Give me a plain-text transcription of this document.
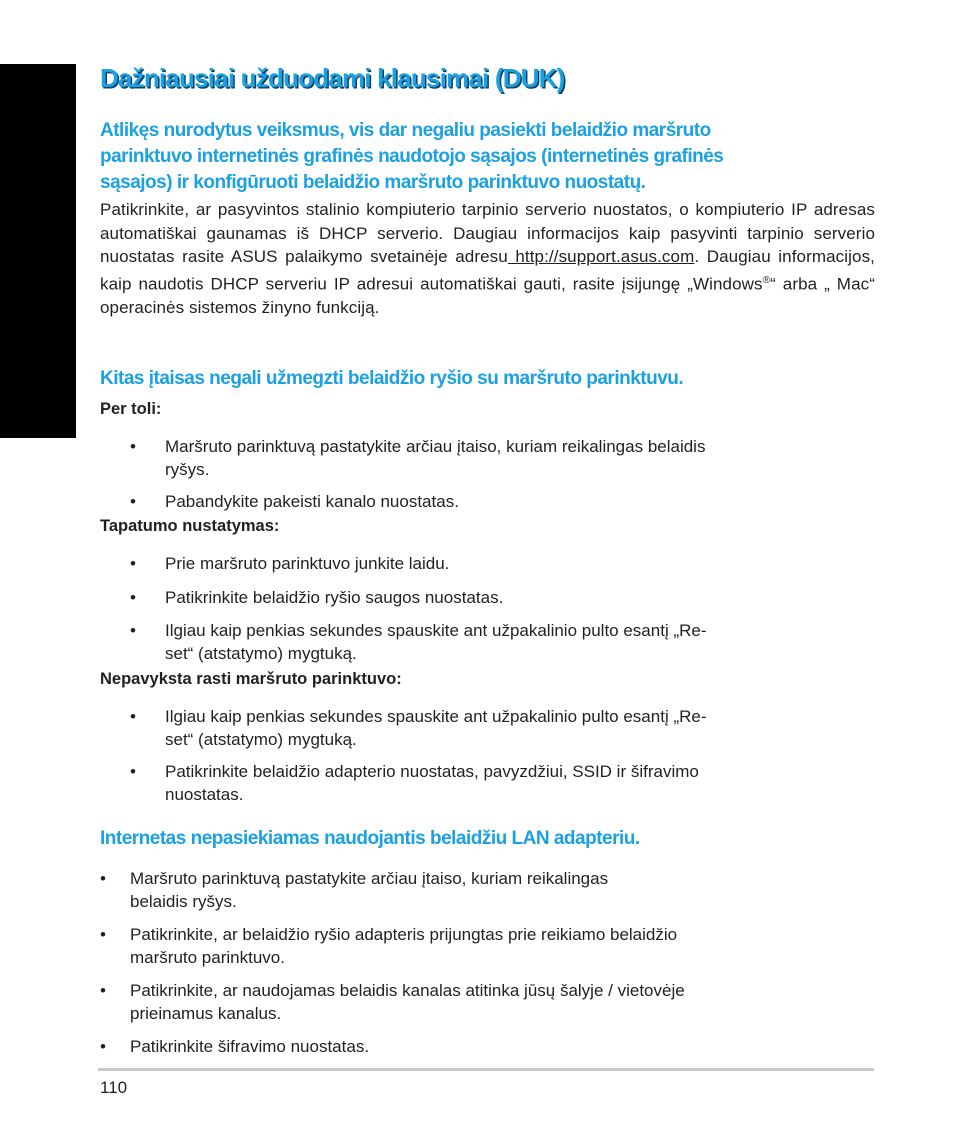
Dažniausiai užduodami klausimai (DUK)
Atlikęs nurodytus veiksmus, vis dar negaliu pasiekti belaidžio maršruto
parinktuvo internetinės grafinės naudotojo sąsajos (internetinės grafinės
sąsajos) ir konfigūruoti belaidžio maršruto parinktuvo nuostatų.

Patikrinkite, ar pasyvintos stalinio kompiuterio tarpinio serverio nuostatos, o kompiuterio IP adresas automatiškai gaunamas iš DHCP serverio. Daugiau informacijos kaip pasyvinti tarpinio serverio nuostatas rasite ASUS palaikymo svetainėje adresu http://support.asus.com. Daugiau informacijos, kaip naudotis DHCP serveriu IP adresui automatiškai gauti, rasite įsijungę „Windows®“ arba „ Mac“ operacinės sistemos žinyno funkciją.

Kitas įtaisas negali užmegzti belaidžio ryšio su maršruto parinktuvu.

Per toli:

• Maršruto parinktuvą pastatykite arčiau įtaiso, kuriam reikalingas belaidis
ryšys.

• Pabandykite pakeisti kanalo nuostatas.

Tapatumo nustatymas:

• Prie maršruto parinktuvo junkite laidu.

• Patikrinkite belaidžio ryšio saugos nuostatas.

• Ilgiau kaip penkias sekundes spauskite ant užpakalinio pulto esantį „Re-
set“ (atstatymo) mygtuką.

Nepavyksta rasti maršruto parinktuvo:

• Ilgiau kaip penkias sekundes spauskite ant užpakalinio pulto esantį „Re-
set“ (atstatymo) mygtuką.

• Patikrinkite belaidžio adapterio nuostatas, pavyzdžiui, SSID ir šifravimo
nuostatas.

Internetas nepasiekiamas naudojantis belaidžiu LAN adapteriu.
• Maršruto parinktuvą pastatykite arčiau įtaiso, kuriam reikalingas
belaidis ryšys.

• Patikrinkite, ar belaidžio ryšio adapteris prijungtas prie reikiamo belaidžio
maršruto parinktuvo.

• Patikrinkite, ar naudojamas belaidis kanalas atitinka jūsų šalyje / vietovėje
prieinamus kanalus.

• Patikrinkite šifravimo nuostatas.

110
